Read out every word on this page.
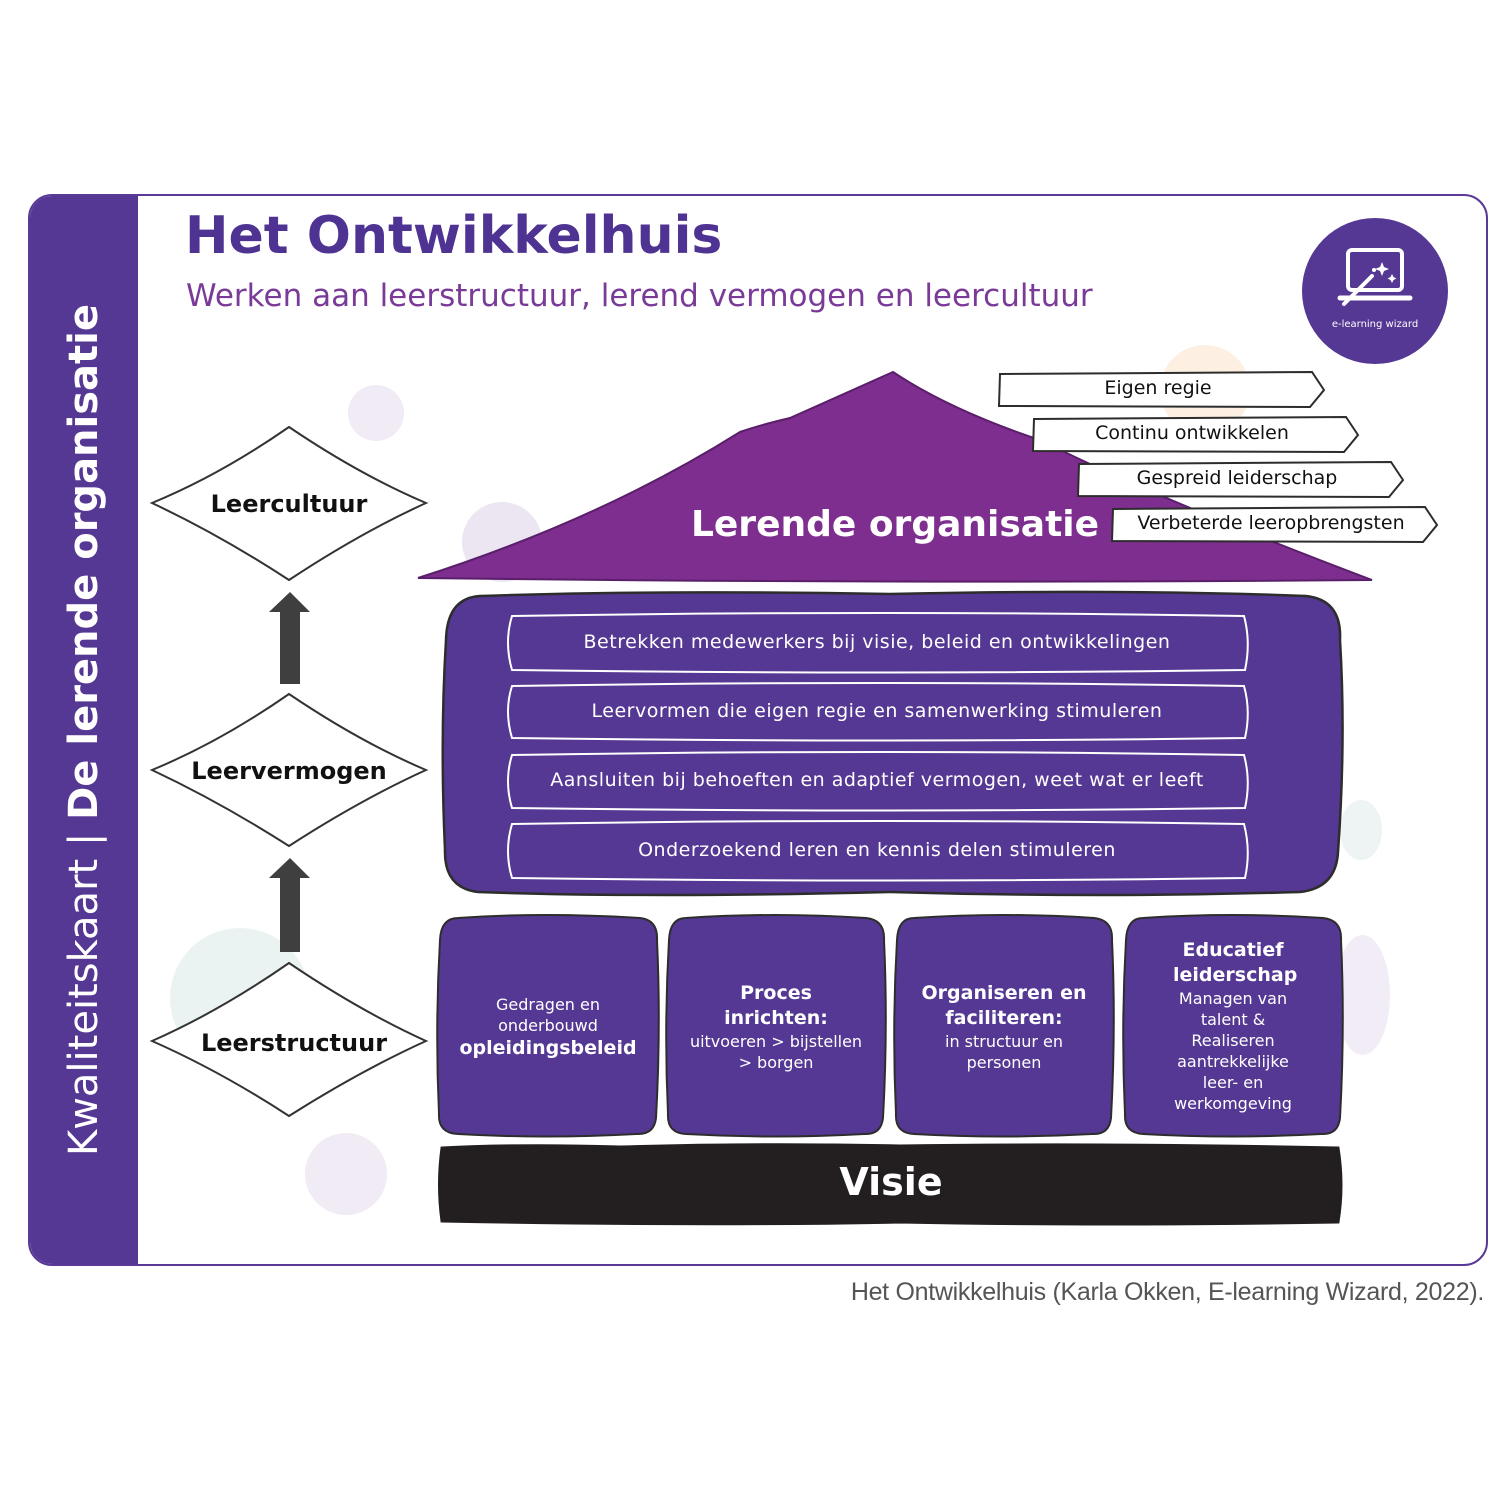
Kwaliteitskaart | De lerende organisatie
Het Ontwikkelhuis

Werken aan leerstructuur, lerend vermogen en leercultuur

e-learning wizard
Leercultuur
Leervermogen
Leerstructuur
Lerende organisatie
Eigen regie
Continu ontwikkelen
Gespreid leiderschap
Verbeterde leeropbrengsten
Betrekken medewerkers bij visie, beleid en ontwikkelingen
Leervormen die eigen regie en samenwerking stimuleren
Aansluiten bij behoeften en adaptief vermogen, weet wat er leeft
Onderzoekend leren en kennis delen stimuleren
Gedragen en onderbouwd
opleidingsbeleid
Proces inrichten:
uitvoeren > bijstellen > borgen
Organiseren en faciliteren:
in structuur en personen
Educatief leiderschap
Managen van talent & Realiseren aantrekkelijke leer- en werkomgeving
Visie

Het Ontwikkelhuis (Karla Okken, E-learning Wizard, 2022).
